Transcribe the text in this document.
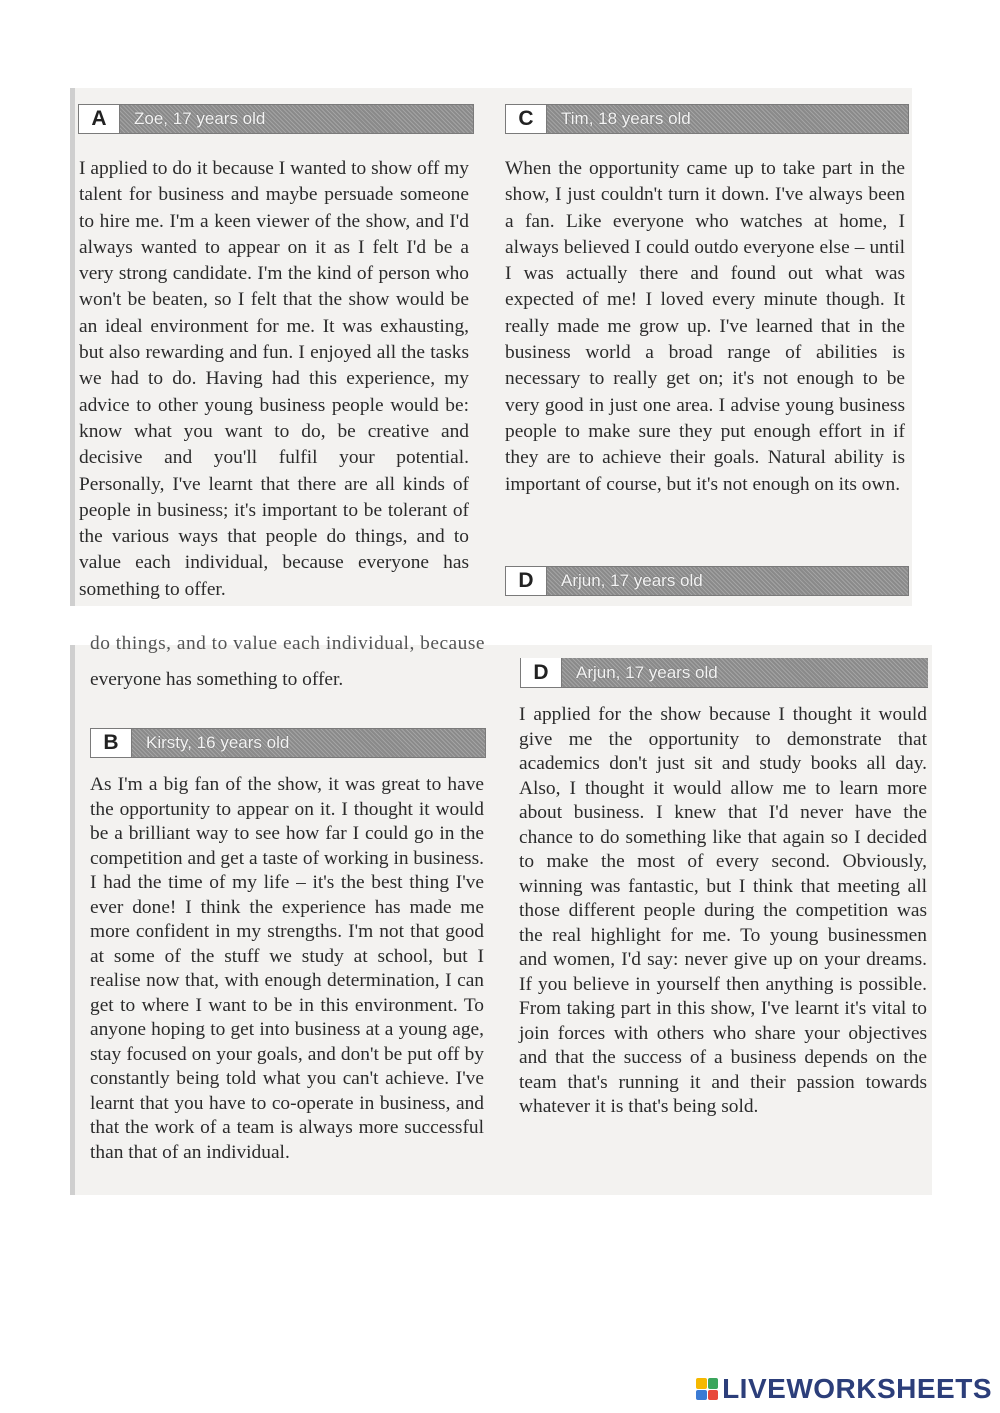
A	Zoe, 17 years old

I applied to do it because I wanted to show off my talent for business and maybe persuade someone to hire me. I'm a keen viewer of the show, and I'd always wanted to appear on it as I felt I'd be a very strong candidate. I'm the kind of person who won't be beaten, so I felt that the show would be an ideal environment for me. It was exhausting, but also rewarding and fun. I enjoyed all the tasks we had to do. Having had this experience, my advice to other young business people would be: know what you want to do, be creative and decisive and you'll fulfil your potential. Personally, I've learnt that there are all kinds of people in business; it's important to be tolerant of the various ways that people do things, and to value each individual, because everyone has something to offer.

C	Tim, 18 years old

When the opportunity came up to take part in the show, I just couldn't turn it down. I've always been a fan. Like everyone who watches at home, I always believed I could outdo everyone else – until I was actually there and found out what was expected of me! I loved every minute though. It really made me grow up. I've learned that in the business world a broad range of abilities is necessary to really get on; it's not enough to be very good in just one area. I advise young business people to make sure they put enough effort in if they are to achieve their goals. Natural ability is important of course, but it's not enough on its own.

D	Arjun, 17 years old
do things, and to value each individual, because

everyone has something to offer.

B	Kirsty, 16 years old

As I'm a big fan of the show, it was great to have the opportunity to appear on it. I thought it would be a brilliant way to see how far I could go in the competition and get a taste of working in business. I had the time of my life – it's the best thing I've ever done! I think the experience has made me more confident in my strengths. I'm not that good at some of the stuff we study at school, but I realise now that, with enough determination, I can get to where I want to be in this environment. To anyone hoping to get into business at a young age, stay focused on your goals, and don't be put off by constantly being told what you can't achieve. I've learnt that you have to co-operate in business, and that the work of a team is always more successful than that of an individual.

D	Arjun, 17 years old

I applied for the show because I thought it would give me the opportunity to demonstrate that academics don't just sit and study books all day. Also, I thought it would allow me to learn more about business. I knew that I'd never have the chance to do something like that again so I decided to make the most of every second. Obviously, winning was fantastic, but I think that meeting all those different people during the competition was the real highlight for me. To young businessmen and women, I'd say: never give up on your dreams. If you believe in yourself then anything is possible. From taking part in this show, I've learnt it's vital to join forces with others who share your objectives and that the success of a business depends on the team that's running it and their passion towards whatever it is that's being sold.

LIVEWORKSHEETS
